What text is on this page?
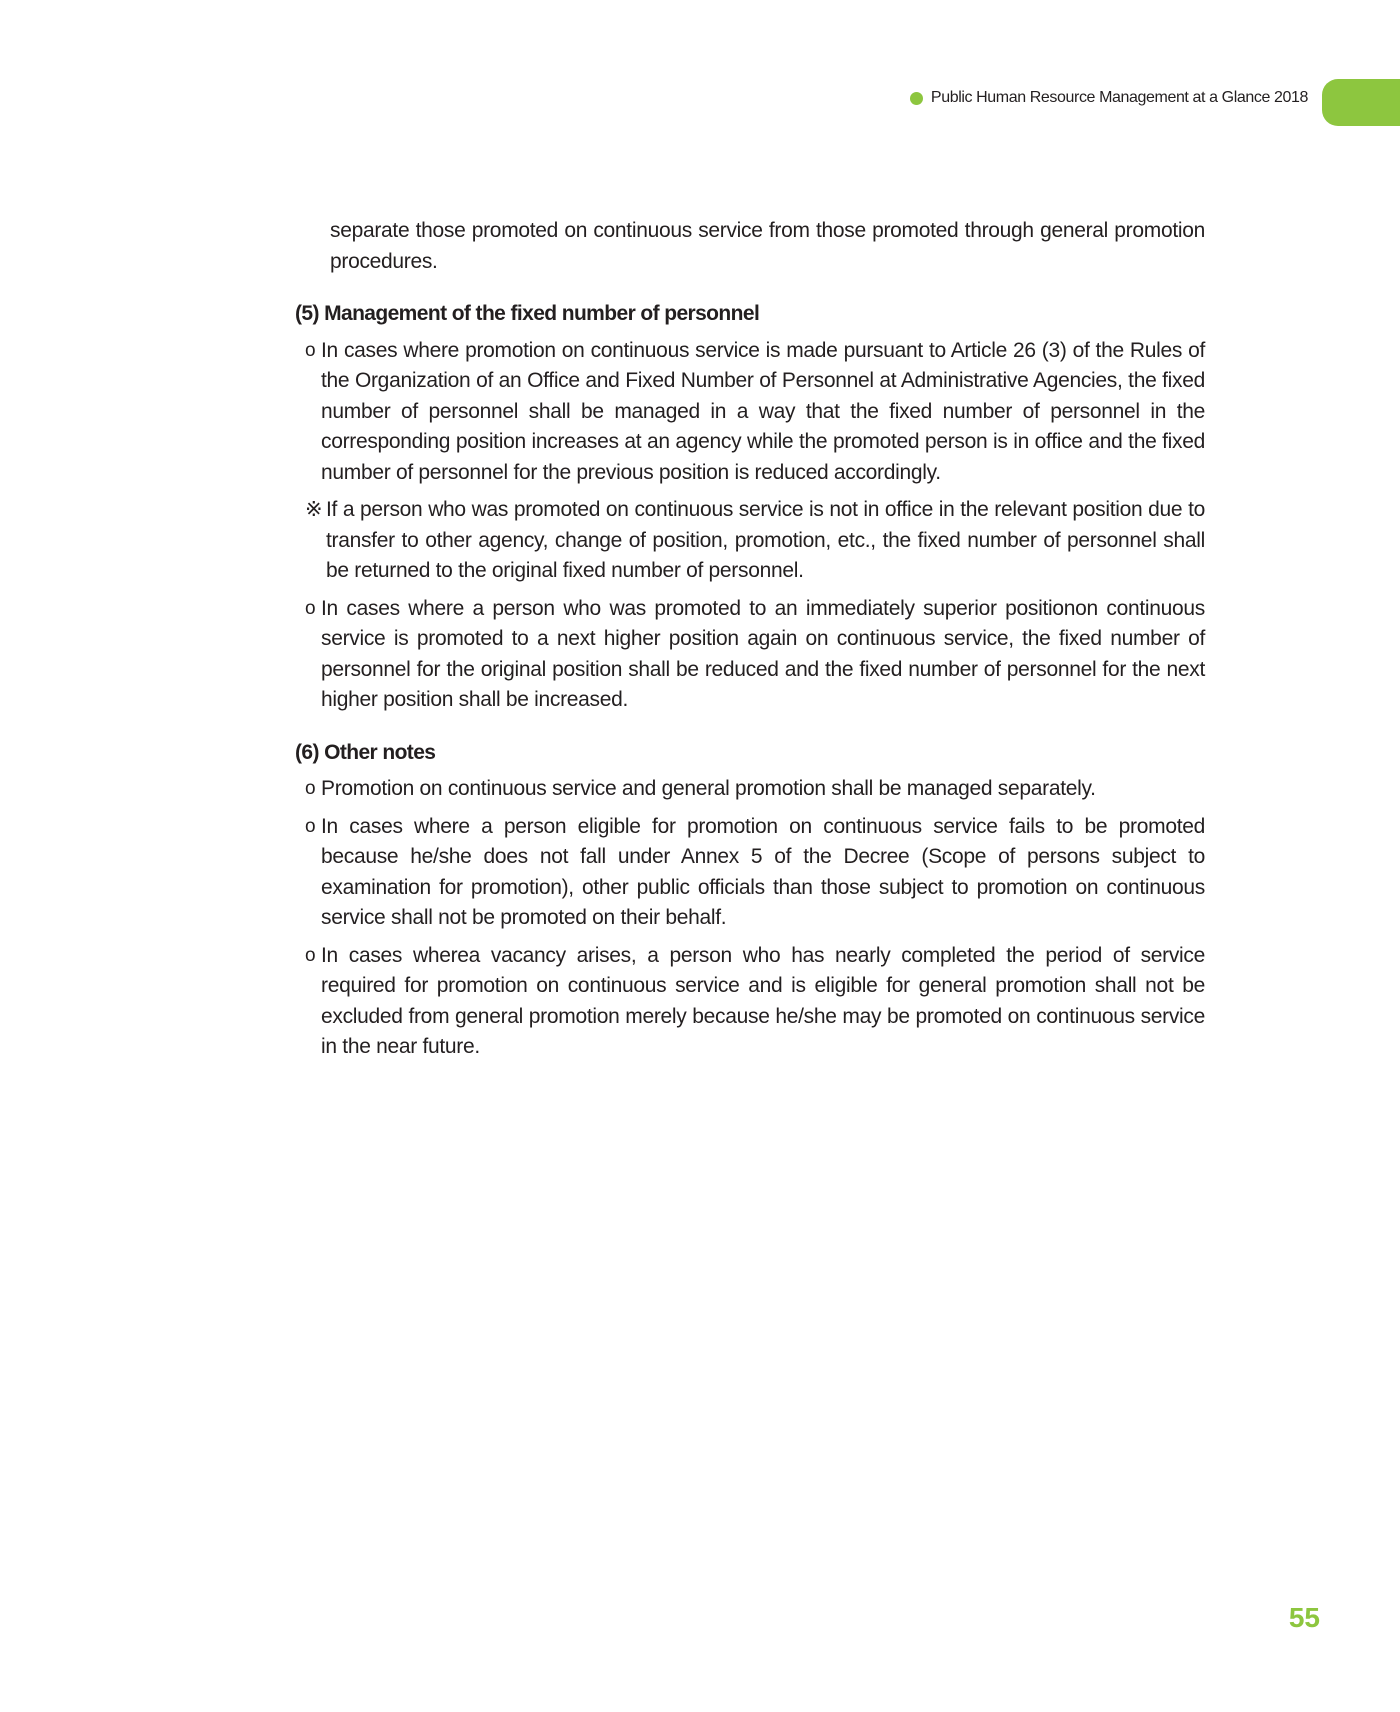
Public Human Resource Management at a Glance 2018
separate those promoted on continuous service from those promoted through general promotion procedures.
(5) Management of the fixed number of personnel
o In cases where promotion on continuous service is made pursuant to Article 26 (3) of the Rules of the Organization of an Office and Fixed Number of Personnel at Administrative Agencies, the fixed number of personnel shall be managed in a way that the fixed number of personnel in the corresponding position increases at an agency while the promoted person is in office and the fixed number of personnel for the previous position is reduced accordingly.
※ If a person who was promoted on continuous service is not in office in the relevant position due to transfer to other agency, change of position, promotion, etc., the fixed number of personnel shall be returned to the original fixed number of personnel.
o In cases where a person who was promoted to an immediately superior positionon continuous service is promoted to a next higher position again on continuous service, the fixed number of personnel for the original position shall be reduced and the fixed number of personnel for the next higher position shall be increased.
(6) Other notes
o Promotion on continuous service and general promotion shall be managed separately.
o In cases where a person eligible for promotion on continuous service fails to be promoted because he/she does not fall under Annex 5 of the Decree (Scope of persons subject to examination for promotion), other public officials than those subject to promotion on continuous service shall not be promoted on their behalf.
o In cases wherea vacancy arises, a person who has nearly completed the period of service required for promotion on continuous service and is eligible for general promotion shall not be excluded from general promotion merely because he/she may be promoted on continuous service in the near future.
55
